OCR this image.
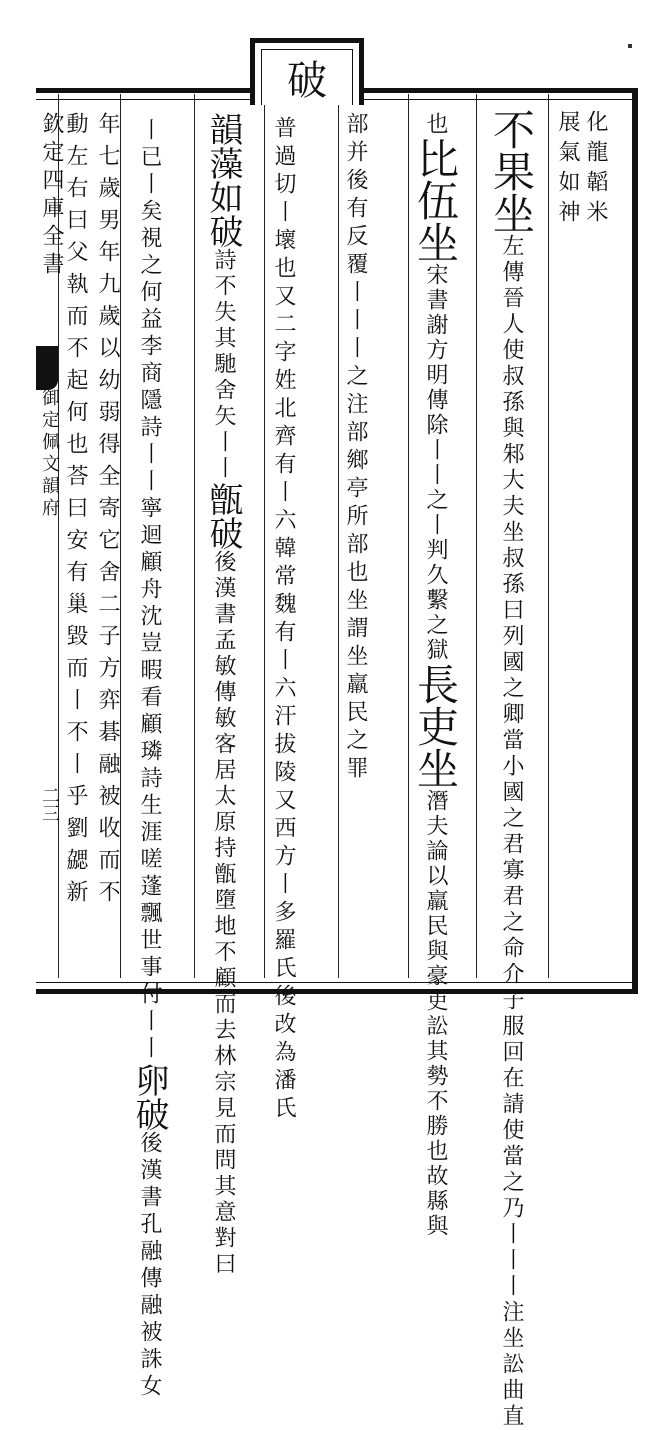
破
欽定四庫全書
御定佩文韻府
二三
化龍韜米
展氣如神
不果坐左傳晉人使叔孫與邾大夫坐叔孫曰列國之卿當小國之君寡君之命介子服回在請使當之乃丨丨丨注坐訟曲直
也比伍坐宋書謝方明傳除丨丨之丨判久繫之獄長吏坐潛夫論以羸民與豪吏訟其勢不勝也故縣與
部并後有反覆丨丨丨之注部鄉亭所部也坐謂坐羸民之罪
普過切丨壞也又二字姓北齊有丨六韓常魏有丨六汗拔陵又西方丨多羅氏後改為潘氏
韻藻如破詩不失其馳舍矢丨丨甑破後漢書孟敏傳敏客居太原持甑墮地不顧而去林宗見而問其意對曰
丨已丨矣視之何益李商隱詩丨丨寧迴顧舟沈豈暇看顧璘詩生涯嗟蓬飄世事付丨丨卵破後漢書孔融傳融被誅女
年七歲男年九歲以幼弱得全寄它舍二子方弈碁融被收而不
動左右曰父執而不起何也荅曰安有巢毀而丨不丨乎劉勰新
